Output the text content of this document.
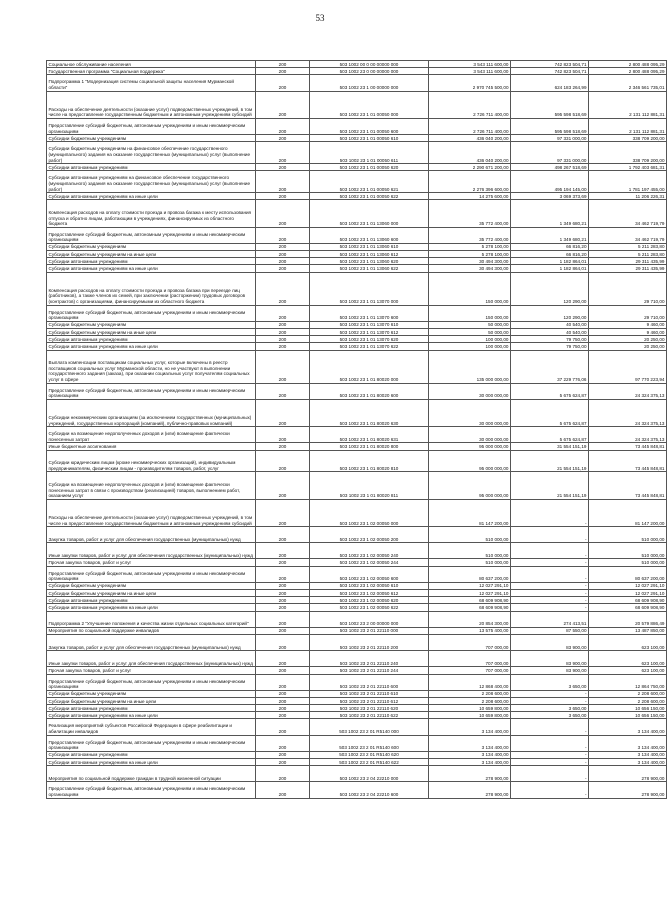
53
Социальное обслуживание населения	200	503 1002 00 0 00 00000 000	3 543 111 600,00	742 823 504,71	2 800 488 095,29
Государственная программа "Социальная поддержка"	200	503 1002 23 0 00 00000 000	3 543 111 600,00	742 823 504,71	2 800 488 095,29
Подпрограмма 1 "Модернизация системы социальной защиты населения Мурманской области"	200	503 1002 23 1 00 00000 000	2 970 745 500,00	624 183 264,99	2 346 561 735,01
Расходы на обеспечение деятельности (оказание услуг) подведомственных учреждений, в том числе на предоставление государственным бюджетным и автономным учреждениям субсидий	200	503 1002 23 1 01 00050 000	2 726 711 400,00	595 598 518,69	2 131 112 881,31
Предоставление субсидий бюджетным, автономным учреждениям и иным некоммерческим организациям	200	503 1002 23 1 01 00050 600	2 726 711 400,00	595 598 518,69	2 131 112 881,31
Субсидии бюджетным учреждениям	200	503 1002 23 1 01 00050 610	436 040 200,00	97 331 000,00	338 709 200,00
Субсидии бюджетным учреждениям на финансовое обеспечение государственного (муниципального) задания на оказание государственных (муниципальных) услуг (выполнение работ)	200	503 1002 23 1 01 00050 611	436 040 200,00	97 331 000,00	338 709 200,00
Субсидии автономным учреждениям	200	503 1002 23 1 01 00050 620	2 290 671 200,00	498 267 518,69	1 792 403 681,31
Субсидии автономным учреждениям на финансовое обеспечение государственного (муниципального) задания на оказание государственных (муниципальных) услуг (выполнение работ)	200	503 1002 23 1 01 00050 621	2 276 396 600,00	495 194 145,00	1 781 197 455,00
Субсидии автономным учреждениям на иные цели	200	503 1002 23 1 01 00050 622	14 275 600,00	3 069 373,69	11 206 226,31
Компенсация расходов на оплату стоимости проезда и провоза багажа к месту использования отпуска и обратно лицам, работающим в учреждениях, финансируемых из областного бюджета	200	503 1002 23 1 01 13060 000	35 772 400,00	1 349 680,21	34 462 719,79
Предоставление субсидий бюджетным, автономным учреждениям и иным некоммерческим организациям	200	503 1002 23 1 01 13060 600	35 772 400,00	1 349 680,21	34 462 719,79
Субсидии бюджетным учреждениям	200	503 1002 23 1 01 13060 610	5 278 100,00	66 816,20	5 211 283,80
Субсидии бюджетным учреждениям на иные цели	200	503 1002 23 1 01 13060 612	5 278 100,00	66 816,20	5 211 283,80
Субсидии автономным учреждениям	200	503 1002 23 1 01 13060 620	30 494 300,00	1 182 864,01	29 311 435,99
Субсидии автономным учреждениям на иные цели	200	503 1002 23 1 01 13060 622	30 494 300,00	1 182 864,01	29 311 435,99
Компенсация расходов на оплату стоимости проезда и провоза багажа при переезде лиц (работников), а также членов их семей, при заключении (расторжении) трудовых договоров (контрактов) с организациями, финансируемыми из областного бюджета	200	503 1002 23 1 01 13070 000	150 000,00	120 290,00	29 710,00
Предоставление субсидий бюджетным, автономным учреждениям и иным некоммерческим организациям	200	503 1002 23 1 01 13070 600	150 000,00	120 290,00	29 710,00
Субсидии бюджетным учреждениям	200	503 1002 23 1 01 13070 610	50 000,00	40 540,00	9 460,00
Субсидии бюджетным учреждениям на иные цели	200	503 1002 23 1 01 13070 612	50 000,00	40 540,00	9 460,00
Субсидии автономным учреждениям	200	503 1002 23 1 01 13070 620	100 000,00	79 750,00	20 250,00
Субсидии автономным учреждениям на иные цели	200	503 1002 23 1 01 13070 622	100 000,00	79 750,00	20 250,00
Выплата компенсации поставщикам социальных услуг, которые включены в реестр поставщиков социальных услуг Мурманской области, но не участвуют в выполнении государственного задания (заказа), при оказании социальных услуг получателям социальных услуг в сфере	200	503 1002 23 1 01 80020 000	135 000 000,00	37 229 776,06	97 770 223,94
Предоставление субсидий бюджетным, автономным учреждениям и иным некоммерческим организациям	200	503 1002 23 1 01 80020 600	30 000 000,00	5 675 624,87	24 324 375,13
Субсидии некоммерческим организациям (за исключением государственных (муниципальных) учреждений, государственных корпораций (компаний), публично-правовых компаний)	200	503 1002 23 1 01 80020 630	30 000 000,00	5 675 624,87	24 324 375,13
Субсидии на возмещение недополученных доходов и (или) возмещение фактически понесенных затрат	200	503 1002 23 1 01 80020 631	30 000 000,00	5 675 624,87	24 324 375,13
Иные бюджетные ассигнования	200	503 1002 23 1 01 80020 800	95 000 000,00	31 554 151,19	73 445 848,81
Субсидии юридическим лицам (кроме некоммерческих организаций), индивидуальным предпринимателям, физическим лицам - производителям товаров, работ, услуг	200	503 1002 23 1 01 80020 810	95 000 000,00	21 554 151,19	73 445 848,81
Субсидии на возмещение недополученных доходов и (или) возмещение фактически понесенных затрат в связи с производством (реализацией) товаров, выполнением работ, оказанием услуг	200	503 1002 23 1 01 80020 811	95 000 000,00	21 554 151,19	73 445 848,81
Расходы на обеспечение деятельности (оказание услуг) подведомственных учреждений, в том числе на предоставление государственным бюджетным и автономным учреждениям субсидий	200	503 1002 23 1 02 00050 000	81 147 200,00	-	81 147 200,00
Закупка товаров, работ и услуг для обеспечения государственных (муниципальных) нужд	200	503 1002 23 1 02 00050 200	510 000,00	-	510 000,00
Иные закупки товаров, работ и услуг для обеспечения государственных (муниципальных) нужд	200	503 1002 23 1 02 00050 240	510 000,00	-	510 000,00
Прочая закупка товаров, работ и услуг	200	503 1002 23 1 02 00050 244	510 000,00	-	510 000,00
Предоставление субсидий бюджетным, автономным учреждениям и иным некоммерческим организациям	200	503 1002 23 1 02 00050 600	80 637 200,00	-	80 637 200,00
Субсидии бюджетным учреждениям	200	503 1002 23 1 02 00050 610	12 027 291,10	-	12 027 291,10
Субсидии бюджетным учреждениям на иные цели	200	503 1002 23 1 02 00050 612	12 027 291,10	-	12 027 291,10
Субсидии автономным учреждениям	200	503 1002 23 1 02 00050 620	68 609 908,90	-	68 609 908,90
Субсидии автономным учреждениям на иные цели	200	503 1002 23 1 02 00050 622	68 609 908,90	-	68 609 908,90
Подпрограмма 2 "Улучшение положения и качества жизни отдельных социальных категорий"	200	503 1002 23 2 00 00000 000	20 854 300,00	274 413,51	20 579 886,49
Мероприятия по социальной поддержке инвалидов	200	503 1002 23 2 01 22110 000	13 575 400,00	87 550,00	13 487 850,00
Закупка товаров, работ и услуг для обеспечения государственных (муниципальных) нужд	200	503 1002 23 2 01 22110 200	707 000,00	83 900,00	623 100,00
Иные закупки товаров, работ и услуг для обеспечения государственных (муниципальных) нужд	200	503 1002 23 2 01 22110 240	707 000,00	83 900,00	623 100,00
Прочая закупка товаров, работ и услуг	200	503 1002 23 2 01 22110 244	707 000,00	83 900,00	623 100,00
Предоставление субсидий бюджетным, автономным учреждениям и иным некоммерческим организациям	200	503 1002 23 2 01 22110 600	12 868 400,00	3 650,00	12 864 750,00
Субсидии бюджетным учреждениям	200	503 1002 23 2 01 22110 610	2 208 600,00	-	2 208 600,00
Субсидии бюджетным учреждениям на иные цели	200	503 1002 23 2 01 22110 612	2 208 600,00	-	2 208 600,00
Субсидии автономным учреждениям	200	503 1002 23 2 01 22110 620	10 659 800,00	3 650,00	10 656 150,00
Субсидии автономным учреждениям на иные цели	200	503 1002 23 2 01 22110 622	10 659 800,00	3 650,00	10 656 150,00
Реализация мероприятий субъектов Российской Федерации в сфере реабилитации и абилитации инвалидов	200	503 1002 23 2 01 R5140 000	3 134 400,00	-	3 134 400,00
Предоставление субсидий бюджетным, автономным учреждениям и иным некоммерческим организациям	200	503 1002 23 2 01 R5140 600	3 134 400,00	-	3 134 400,00
Субсидии автономным учреждениям	200	503 1002 23 2 01 R5140 620	3 134 400,00	-	3 134 400,00
Субсидии автономным учреждениям на иные цели	200	503 1002 23 2 01 R5140 622	3 134 400,00	-	3 134 400,00
Мероприятия по социальной поддержке граждан в трудной жизненной ситуации	200	503 1002 23 2 04 22210 000	278 900,00	-	278 900,00
Предоставление субсидий бюджетным, автономным учреждениям и иным некоммерческим организациям	200	503 1002 23 2 04 22210 600	278 900,00	-	278 900,00
